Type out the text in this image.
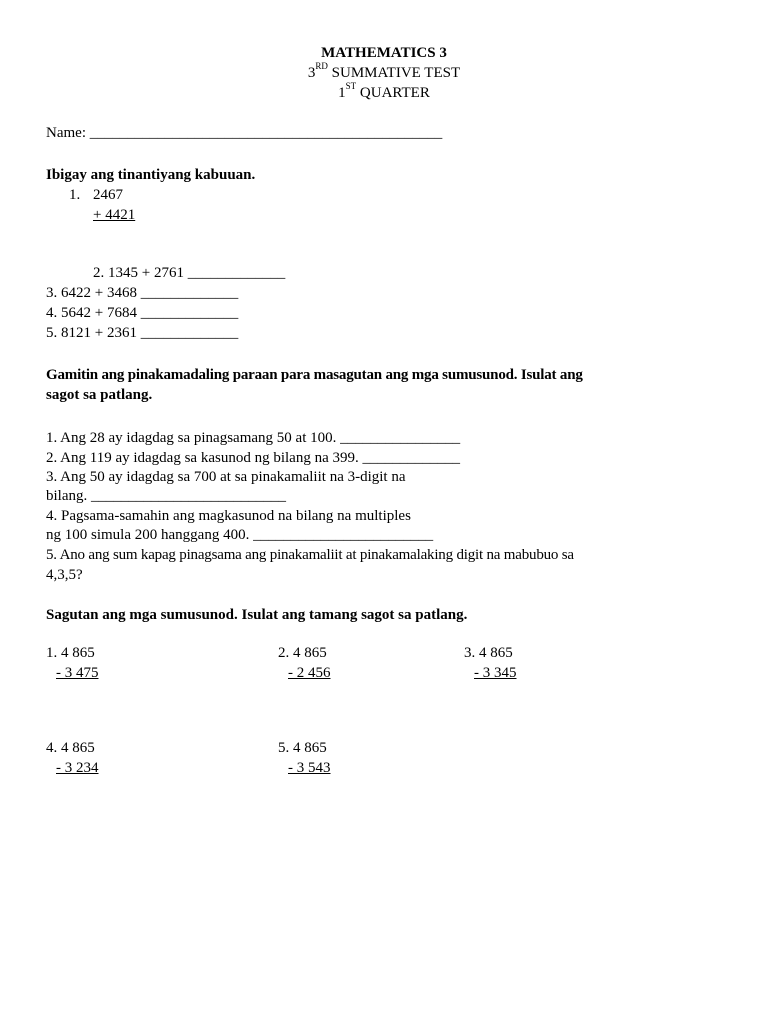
MATHEMATICS 3
3RD SUMMATIVE TEST
1ST QUARTER
Name: _______________________________________________
Ibigay ang tinantiyang kabuuan.
1. 2467
+ 4421
2. 1345 + 2761 _____________
3. 6422 + 3468 _____________
4. 5642 + 7684 _____________
5. 8121 + 2361 _____________
Gamitin ang pinakamadaling paraan para masagutan ang mga sumusunod. Isulat ang
sagot sa patlang.
1. Ang 28 ay idagdag sa pinagsamang 50 at 100. ________________
2. Ang 119 ay idagdag sa kasunod ng bilang na 399. _____________
3. Ang 50 ay idagdag sa 700 at sa pinakamaliit na 3-digit na
bilang. __________________________
4. Pagsama-samahin ang magkasunod na bilang na multiples
ng 100 simula 200 hanggang 400. ________________________
5. Ano ang sum kapag pinagsama ang pinakamaliit at pinakamalaking digit na mabubuo sa
4,3,5?
Sagutan ang mga sumusunod. Isulat ang tamang sagot sa patlang.
1. 4 865
- 3 475
2. 4 865
- 2 456
3. 4 865
- 3 345
4. 4 865
- 3 234
5. 4 865
- 3 543
